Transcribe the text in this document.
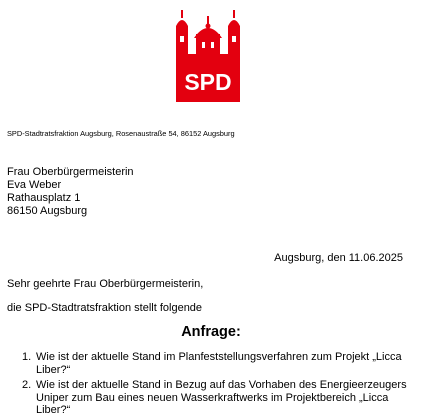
SPD
SPD-Stadtratsfraktion Augsburg, Rosenaustraße 54, 86152 Augsburg
Frau Oberbürgermeisterin
Eva Weber
Rathausplatz 1
86150 Augsburg
Augsburg, den 11.06.2025
Sehr geehrte Frau Oberbürgermeisterin,
die SPD-Stadtratsfraktion stellt folgende
Anfrage:
1. Wie ist der aktuelle Stand im Planfeststellungsverfahren zum Projekt „Licca
Liber?“
2. Wie ist der aktuelle Stand in Bezug auf das Vorhaben des Energieerzeugers
Uniper zum Bau eines neuen Wasserkraftwerks im Projektbereich „Licca Liber?“
